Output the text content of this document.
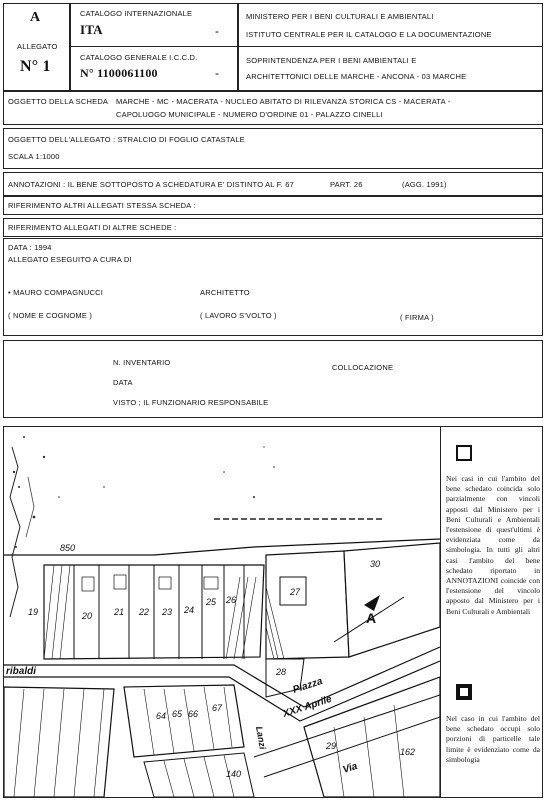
A
ALLEGATO
N° 1
CATALOGO INTERNAZIONALE
ITA	-
CATALOGO GENERALE I.C.C.D.
N° 1100061100	-
MINISTERO PER I BENI CULTURALI E AMBIENTALI
ISTITUTO CENTRALE PER IL CATALOGO E LA DOCUMENTAZIONE
SOPRINTENDENZA PER I BENI AMBIENTALI E
ARCHITETTONICI DELLE MARCHE - ANCONA - 03 MARCHE
OGGETTO DELLA SCHEDA MARCHE - MC - MACERATA - NUCLEO ABITATO DI RILEVANZA STORICA CS - MACERATA -
CAPOLUOGO MUNICIPALE - NUMERO D'ORDINE 01 - PALAZZO CINELLI
OGGETTO DELL'ALLEGATO : STRALCIO DI FOGLIO CATASTALE
SCALA 1:1000
ANNOTAZIONI : IL BENE SOTTOPOSTO A SCHEDATURA E' DISTINTO AL F. 67	PART. 26	(AGG. 1991)
RIFERIMENTO ALTRI ALLEGATI STESSA SCHEDA :
RIFERIMENTO ALLEGATI DI ALTRE SCHEDE :
DATA : 1994
ALLEGATO ESEGUITO A CURA DI
• MAURO COMPAGNUCCI	ARCHITETTO
( NOME E COGNOME )	( LAVORO S'VOLTO )	( FIRMA )
N. INVENTARIO
COLLOCAZIONE
DATA
VISTO ; IL FUNZIONARIO RESPONSABILE
850
19	20 21 22 23 24
25 26
27
28
29
30
64 65 66
67
140
162
A
ribaldi
Piazza
XXX Aprile
Via
Lanzi
Nei casi in cui l'ambito del bene schedato coincida solo parzialmente con vincoli apposti dal Ministero per i Beni Culturali e Ambientali l'estensione di quest'ultimi è evidenziata come da simbologia. In tutti gli altri casi l'ambito del bene schedato riportato in ANNOTAZIONI coincide con l'estensione del vincolo apposto dal Ministero per i Beni Culturali e Ambientali
Nel caso in cui l'ambito del bene schedato occupi solo porzioni di particelle tale limite è evidenziato come da simbologia
